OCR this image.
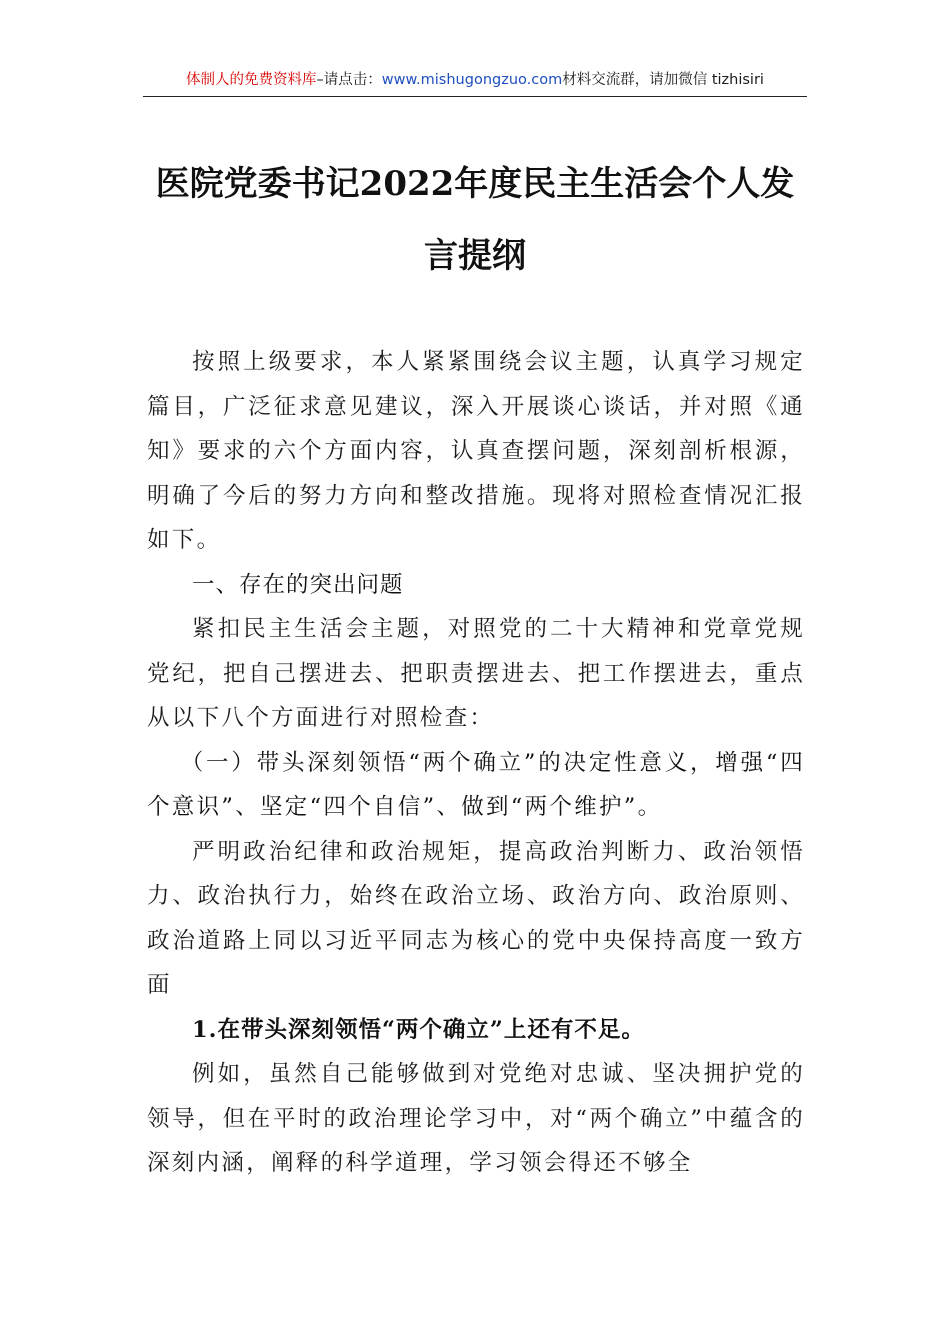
体制人的免费资料库–请点击：www.mishugongzuo.com材料交流群，请加微信 tizhisiri
医院党委书记2022年度民主生活会个人发
言提纲

按照上级要求，本人紧紧围绕会议主题，认真学习规定篇目，广泛征求意见建议，深入开展谈心谈话，并对照《通知》要求的六个方面内容，认真查摆问题，深刻剖析根源，明确了今后的努力方向和整改措施。现将对照检查情况汇报如下。

一、存在的突出问题

紧扣民主生活会主题，对照党的二十大精神和党章党规党纪，把自己摆进去、把职责摆进去、把工作摆进去，重点从以下八个方面进行对照检查：

（一）带头深刻领悟“两个确立”的决定性意义，增强“四个意识”、坚定“四个自信”、做到“两个维护”。

严明政治纪律和政治规矩，提高政治判断力、政治领悟力、政治执行力，始终在政治立场、政治方向、政治原则、政治道路上同以习近平同志为核心的党中央保持高度一致方面

1.在带头深刻领悟“两个确立”上还有不足。

例如，虽然自己能够做到对党绝对忠诚、坚决拥护党的领导，但在平时的政治理论学习中，对“两个确立”中蕴含的深刻内涵，阐释的科学道理，学习领会得还不够全
